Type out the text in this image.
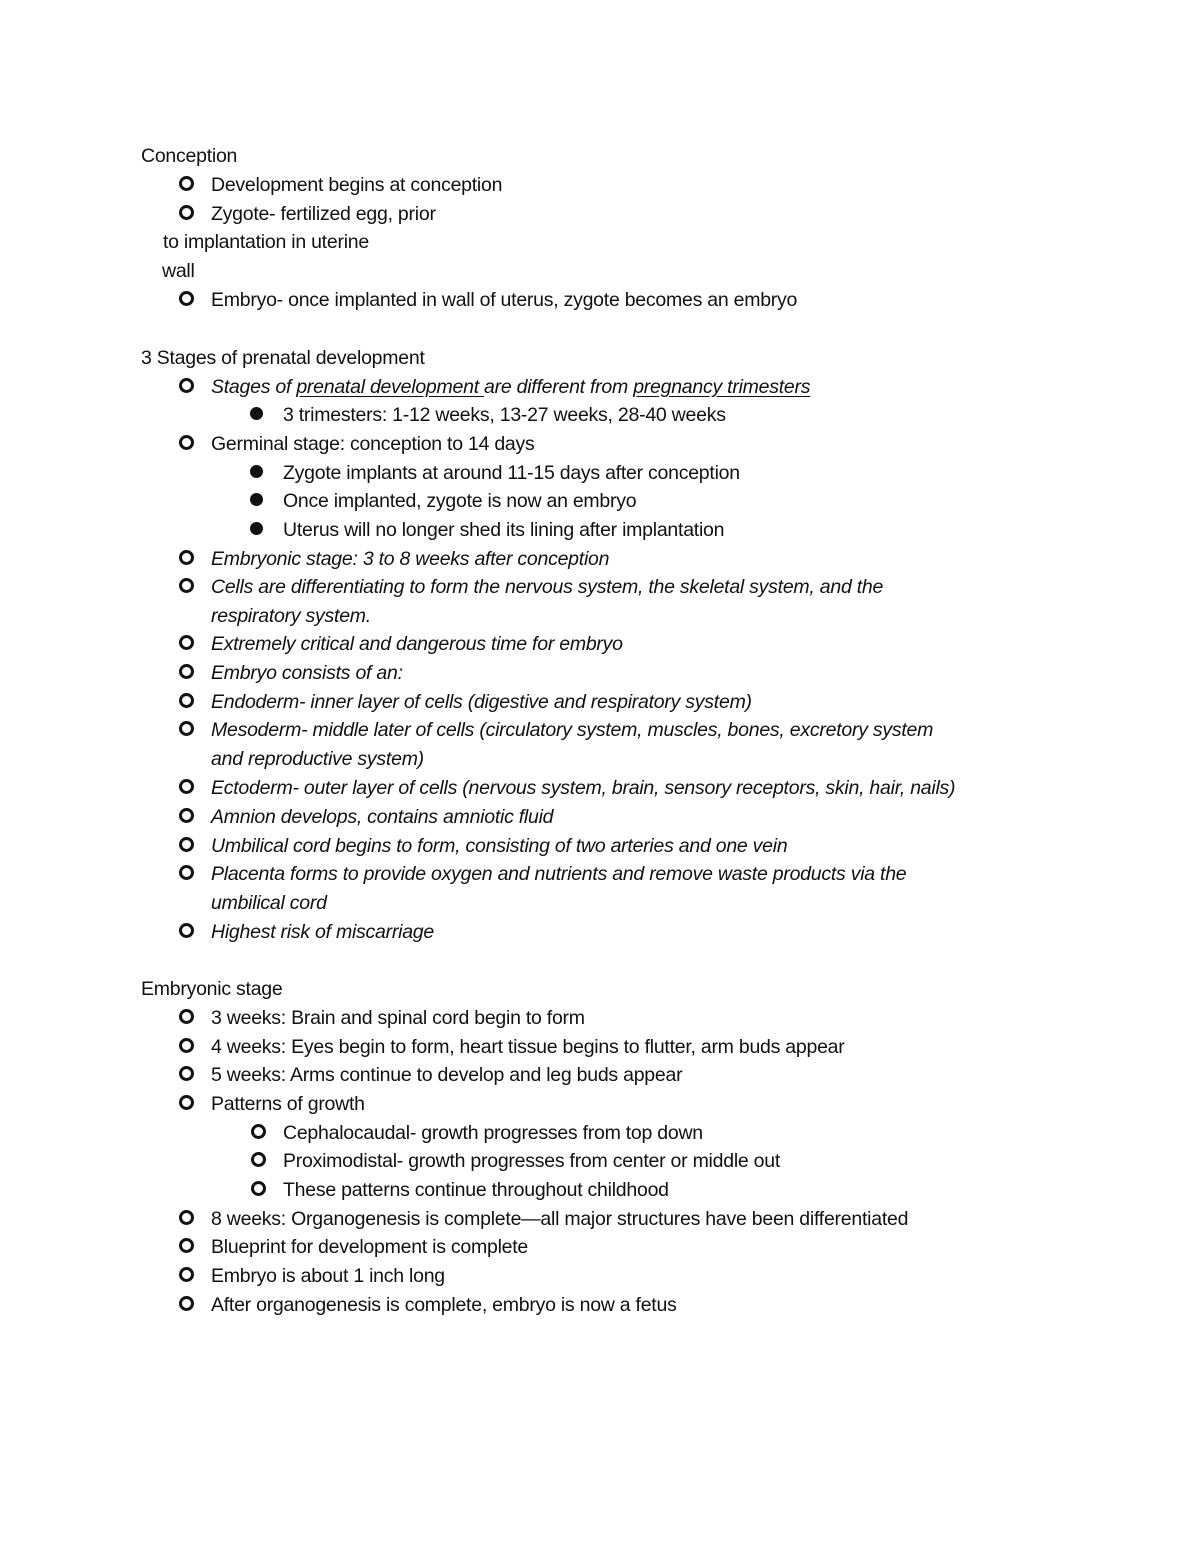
Conception
Development begins at conception
Zygote- fertilized egg, prior
to implantation in uterine
wall
Embryo- once implanted in wall of uterus, zygote becomes an embryo
3 Stages of prenatal development
Stages of prenatal development are different from pregnancy trimesters
3 trimesters: 1-12 weeks, 13-27 weeks, 28-40 weeks
Germinal stage: conception to 14 days
Zygote implants at around 11-15 days after conception
Once implanted, zygote is now an embryo
Uterus will no longer shed its lining after implantation
Embryonic stage: 3 to 8 weeks after conception
Cells are differentiating to form the nervous system, the skeletal system, and the
respiratory system.
Extremely critical and dangerous time for embryo
Embryo consists of an:
Endoderm- inner layer of cells (digestive and respiratory system)
Mesoderm- middle later of cells (circulatory system, muscles, bones, excretory system
and reproductive system)
Ectoderm- outer layer of cells (nervous system, brain, sensory receptors, skin, hair, nails)
Amnion develops, contains amniotic fluid
Umbilical cord begins to form, consisting of two arteries and one vein
Placenta forms to provide oxygen and nutrients and remove waste products via the
umbilical cord
Highest risk of miscarriage
Embryonic stage
3 weeks: Brain and spinal cord begin to form
4 weeks: Eyes begin to form, heart tissue begins to flutter, arm buds appear
5 weeks: Arms continue to develop and leg buds appear
Patterns of growth
Cephalocaudal- growth progresses from top down
Proximodistal- growth progresses from center or middle out
These patterns continue throughout childhood
8 weeks: Organogenesis is complete—all major structures have been differentiated
Blueprint for development is complete
Embryo is about 1 inch long
After organogenesis is complete, embryo is now a fetus
